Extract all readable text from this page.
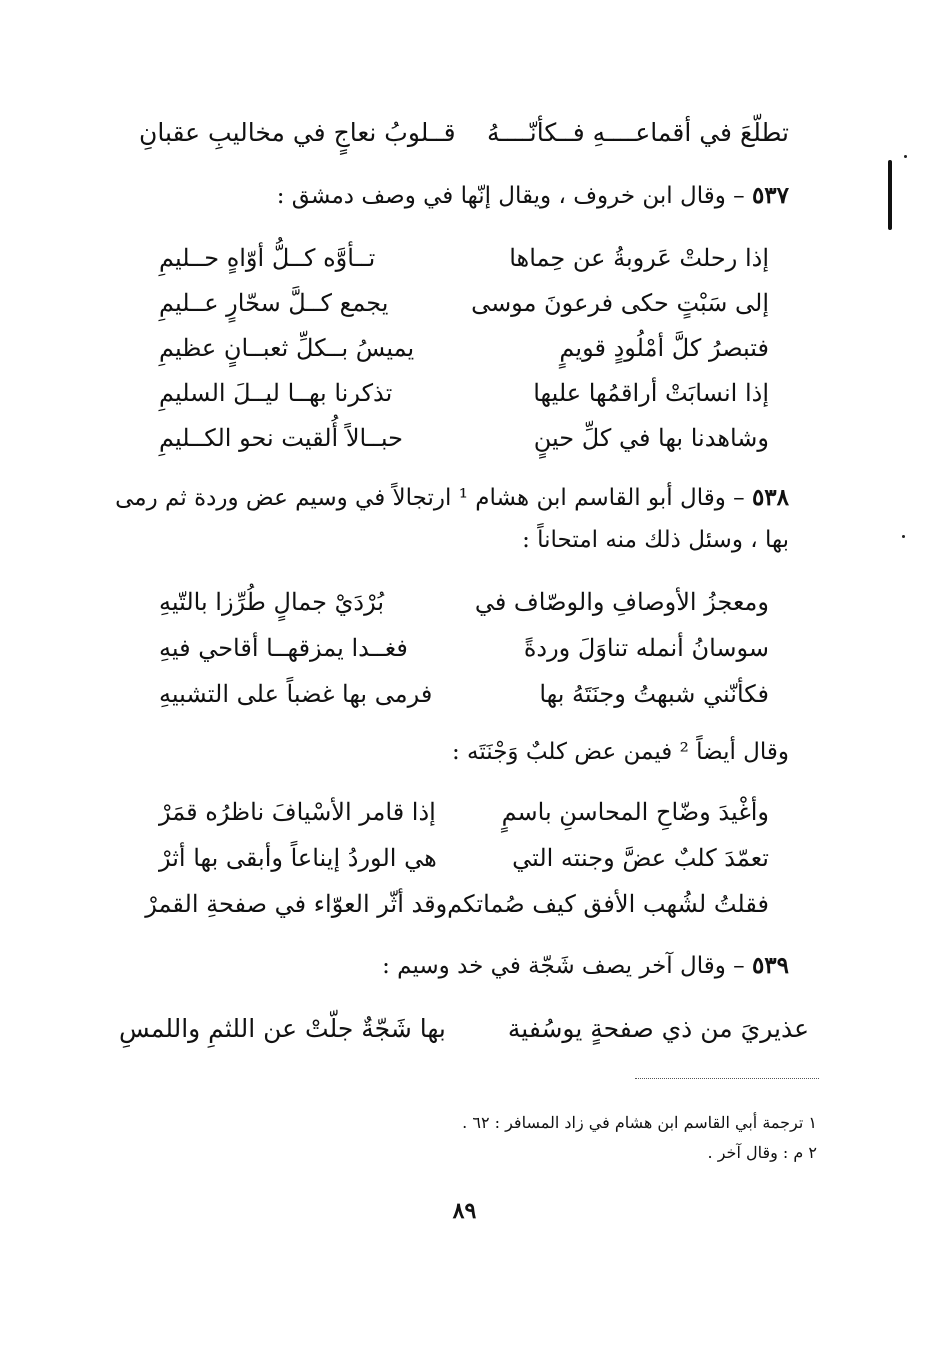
تطلّعَ في أقماعــــهِ فــكأنّــــهُ
قــلوبُ نعاجٍ في مخاليبِ عقبانِ
٥٣٧ – وقال ابن خروف ، ويقال إنّها في وصف دمشق :
إذا رحلتْ عَروبةُ عن حِماها
تــأوَّه كــلُّ أوّاهٍ حــليمِ
إلى سَبْتٍ حكى فرعونَ موسى
يجمع كــلَّ سحّارٍ عــليمِ
فتبصرُ كلَّ أمْلُودٍ قويمٍ
يميسُ بــكلِّ ثعبــانٍ عظيمِ
إذا انسابَتْ أراقمُها عليها
تذكرنا بهــا ليــلَ السليمِ
وشاهدنا بها في كلِّ حينٍ
حبــالاً أُلقيت نحو الكــليمِ
٥٣٨ – وقال أبو القاسم ابن هشام ¹ ارتجالاً في وسيم عض وردة ثم رمى
بها ، وسئل ذلك منه امتحاناً :
ومعجزُ الأوصافِ والوصّاف في
بُرْدَيْ جمالٍ طُرِّزا بالتّيهِ
سوسانُ أنمله تناوَلَ وردةً
فغــدا يمزقهــا أقاحي فيهِ
فكأنّني شبهتُ وجنَتَهُ بها
فرمى بها غضباً على التشبيهِ
وقال أيضاً ² فيمن عض كلبٌ وَجْنَتَه :
وأغْيدَ وضّاحِ المحاسنِ باسمٍ
إذا قامر الأسْيافَ ناظرُه قمَرْ
تعمّدَ كلبٌ عضَّ وجنته التي
هي الوردُ إيناعاً وأبقى بها أثرْ
فقلتُ لشُهب الأفق كيف صُماتكم
وقد أثّر العوّاء في صفحةِ القمرْ
٥٣٩ – وقال آخر يصف شَجّة في خد وسيم :
عذيريَ من ذي صفحةٍ يوسُفية
بها شَجّةٌ جلّتْ عن اللثمِ واللمسِ
١ ترجمة أبي القاسم ابن هشام في زاد المسافر : ٦٢ .
٢ م : وقال آخر .
٨٩
